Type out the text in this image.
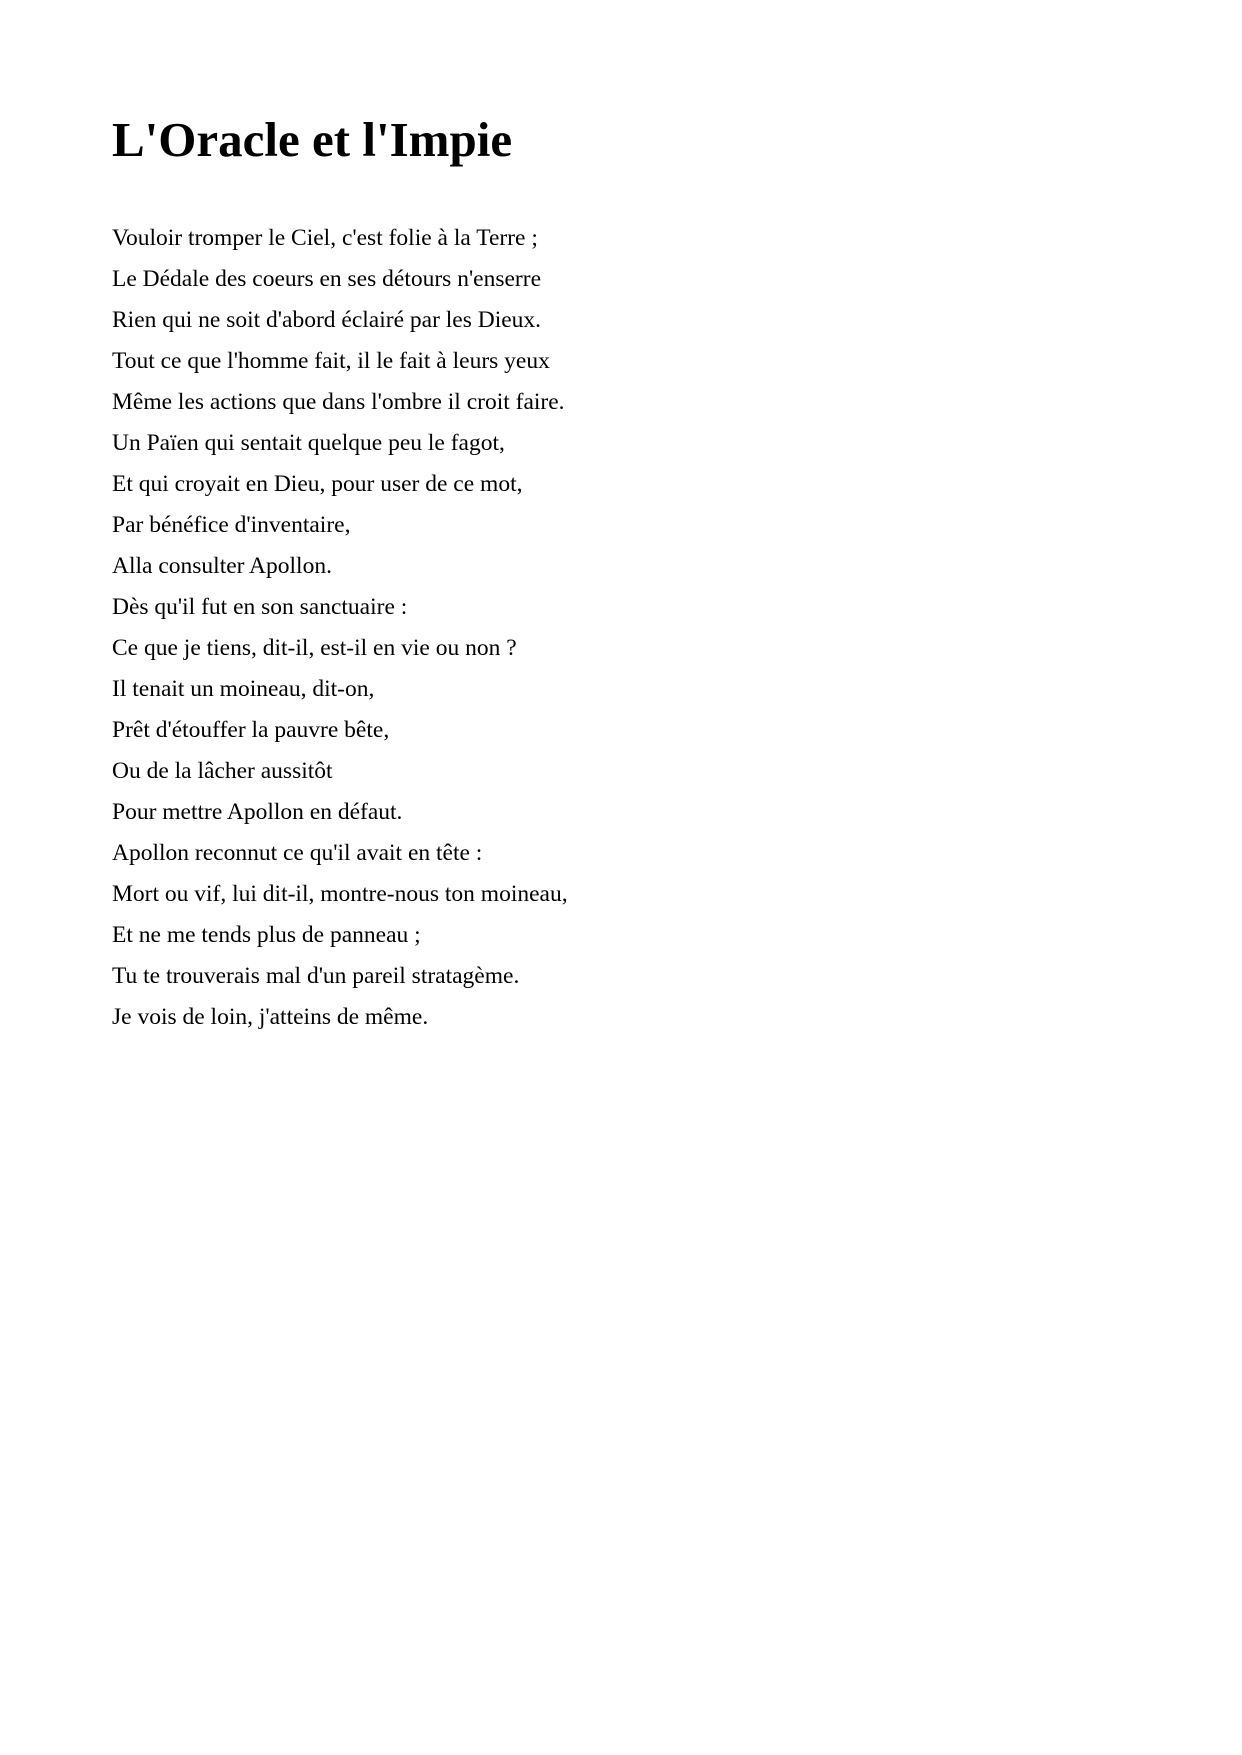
L'Oracle et l'Impie
Vouloir tromper le Ciel, c'est folie à la Terre ;
Le Dédale des coeurs en ses détours n'enserre
Rien qui ne soit d'abord éclairé par les Dieux.
Tout ce que l'homme fait, il le fait à leurs yeux
Même les actions que dans l'ombre il croit faire.
Un Païen qui sentait quelque peu le fagot,
Et qui croyait en Dieu, pour user de ce mot,
Par bénéfice d'inventaire,
Alla consulter Apollon.
Dès qu'il fut en son sanctuaire :
Ce que je tiens, dit-il, est-il en vie ou non ?
Il tenait un moineau, dit-on,
Prêt d'étouffer la pauvre bête,
Ou de la lâcher aussitôt
Pour mettre Apollon en défaut.
Apollon reconnut ce qu'il avait en tête :
Mort ou vif, lui dit-il, montre-nous ton moineau,
Et ne me tends plus de panneau ;
Tu te trouverais mal d'un pareil stratagème.
Je vois de loin, j'atteins de même.
